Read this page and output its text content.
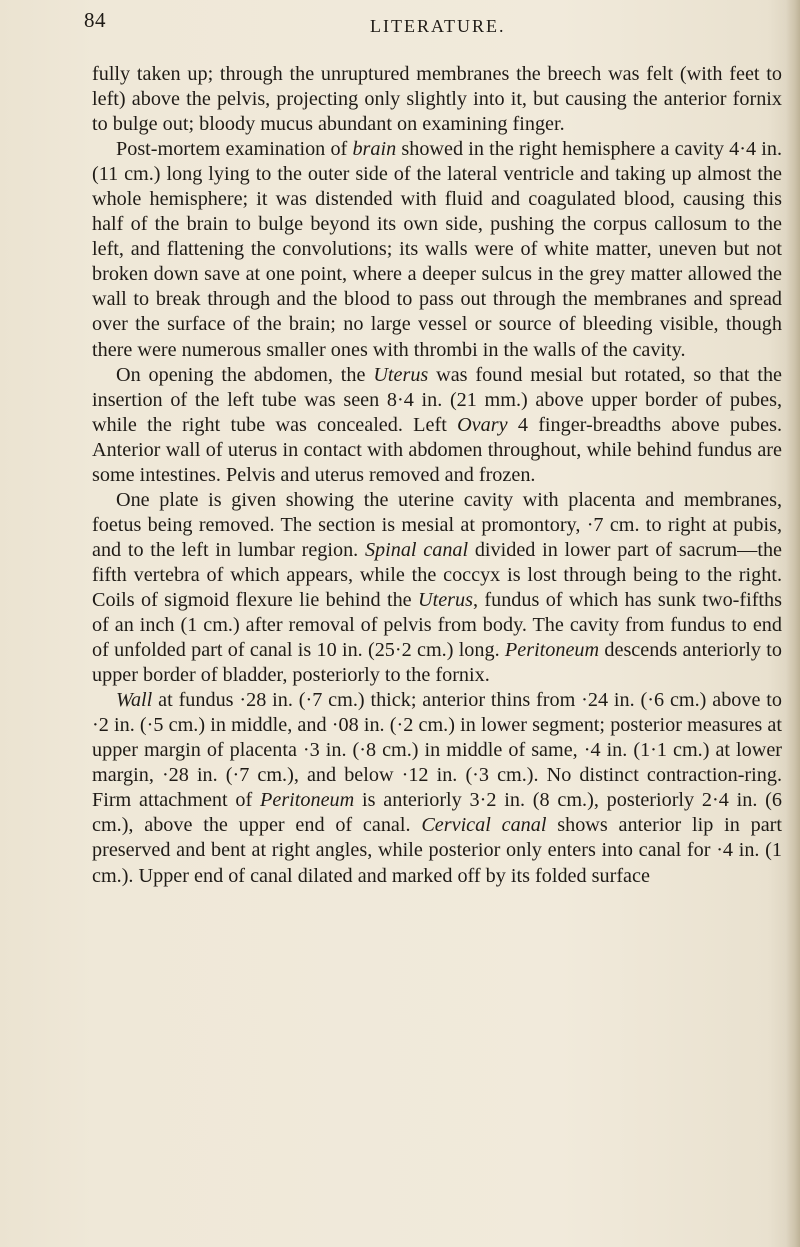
84	LITERATURE.

fully taken up; through the unruptured membranes the breech was felt (with feet to left) above the pelvis, projecting only slightly into it, but causing the anterior fornix to bulge out; bloody mucus abundant on examining finger.

Post-mortem examination of brain showed in the right hemisphere a cavity 4·4 in. (11 cm.) long lying to the outer side of the lateral ventricle and taking up almost the whole hemisphere; it was distended with fluid and coagulated blood, causing this half of the brain to bulge beyond its own side, pushing the corpus callosum to the left, and flattening the convolutions; its walls were of white matter, uneven but not broken down save at one point, where a deeper sulcus in the grey matter allowed the wall to break through and the blood to pass out through the membranes and spread over the surface of the brain; no large vessel or source of bleeding visible, though there were numerous smaller ones with thrombi in the walls of the cavity.

On opening the abdomen, the Uterus was found mesial but rotated, so that the insertion of the left tube was seen 8·4 in. (21 mm.) above upper border of pubes, while the right tube was concealed. Left Ovary 4 finger-breadths above pubes. Anterior wall of uterus in contact with abdomen throughout, while behind fundus are some intestines. Pelvis and uterus removed and frozen.

One plate is given showing the uterine cavity with placenta and membranes, foetus being removed. The section is mesial at promontory, ·7 cm. to right at pubis, and to the left in lumbar region. Spinal canal divided in lower part of sacrum—the fifth vertebra of which appears, while the coccyx is lost through being to the right. Coils of sigmoid flexure lie behind the Uterus, fundus of which has sunk two-fifths of an inch (1 cm.) after removal of pelvis from body. The cavity from fundus to end of unfolded part of canal is 10 in. (25·2 cm.) long. Peritoneum descends anteriorly to upper border of bladder, posteriorly to the fornix.

Wall at fundus ·28 in. (·7 cm.) thick; anterior thins from ·24 in. (·6 cm.) above to ·2 in. (·5 cm.) in middle, and ·08 in. (·2 cm.) in lower segment; posterior measures at upper margin of placenta ·3 in. (·8 cm.) in middle of same, ·4 in. (1·1 cm.) at lower margin, ·28 in. (·7 cm.), and below ·12 in. (·3 cm.). No distinct contraction-ring. Firm attachment of Peritoneum is anteriorly 3·2 in. (8 cm.), posteriorly 2·4 in. (6 cm.), above the upper end of canal. Cervical canal shows anterior lip in part preserved and bent at right angles, while posterior only enters into canal for ·4 in. (1 cm.). Upper end of canal dilated and marked off by its folded surface
